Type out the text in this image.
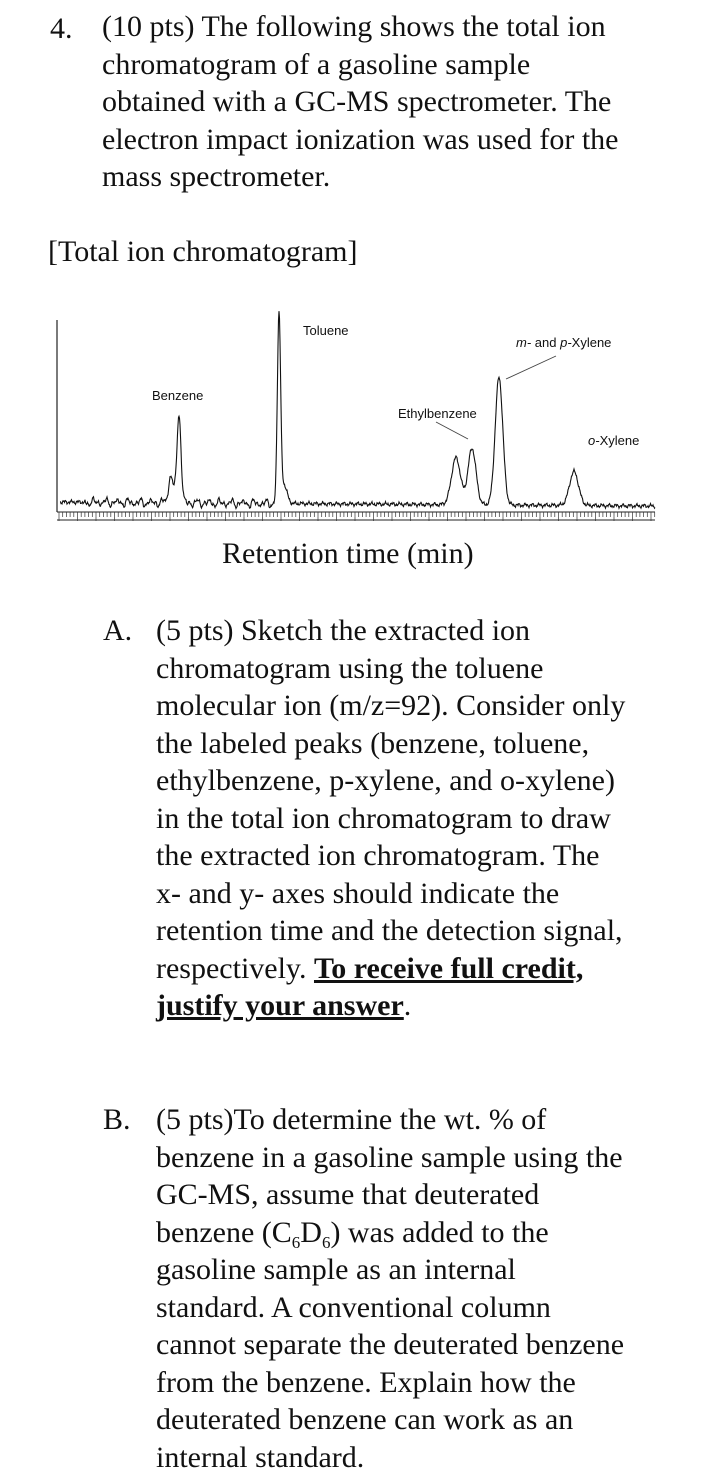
4. (10 pts) The following shows the total ion
chromatogram of a gasoline sample
obtained with a GC-MS spectrometer. The
electron impact ionization was used for the
mass spectrometer.

[Total ion chromatogram]
Benzene
Toluene
Ethylbenzene
m- and p-Xylene
o-Xylene
Retention time (min)
A. (5 pts) Sketch the extracted ion
chromatogram using the toluene
molecular ion (m/z=92). Consider only
the labeled peaks (benzene, toluene,
ethylbenzene, p-xylene, and o-xylene)
in the total ion chromatogram to draw
the extracted ion chromatogram. The
x- and y- axes should indicate the
retention time and the detection signal,
respectively. To receive full credit,
justify your answer.

B. (5 pts)To determine the wt. % of
benzene in a gasoline sample using the
GC-MS, assume that deuterated
benzene $(C_6D_6)$ was added to the
gasoline sample as an internal
standard. A conventional column
cannot separate the deuterated benzene
from the benzene. Explain how the
deuterated benzene can work as an
internal standard.
